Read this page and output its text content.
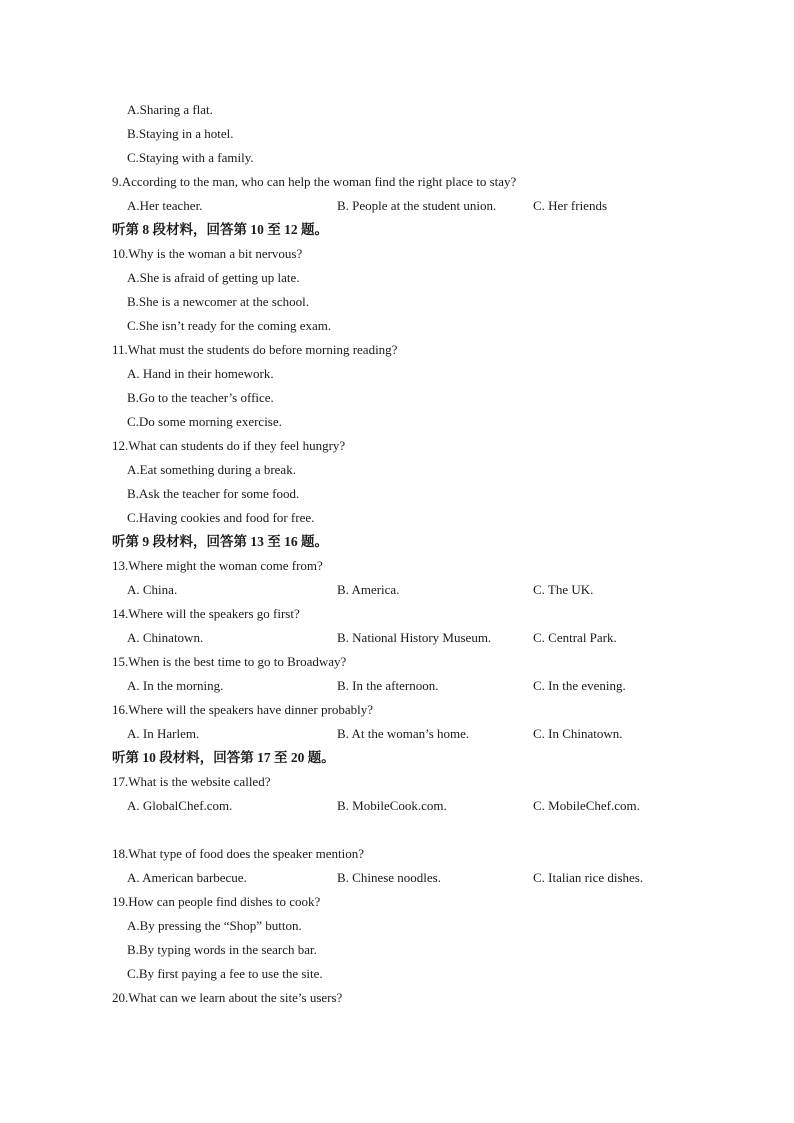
A.Sharing a flat.
B.Staying in a hotel.
C.Staying with a family.
9.According to the man, who can help the woman find the right place to stay?
A.Her teacher.	B. People at the student union.	C. Her friends
听第 8 段材料，回答第 10 至 12 题。
10.Why is the woman a bit nervous?
A.She is afraid of getting up late.
B.She is a newcomer at the school.
C.She isn’t ready for the coming exam.
11.What must the students do before morning reading?
A. Hand in their homework.
B.Go to the teacher’s office.
C.Do some morning exercise.
12.What can students do if they feel hungry?
A.Eat something during a break.
B.Ask the teacher for some food.
C.Having cookies and food for free.
听第 9 段材料，回答第 13 至 16 题。
13.Where might the woman come from?
A. China.	B. America.	C. The UK.
14.Where will the speakers go first?
A. Chinatown.	B. National History Museum.	C. Central Park.
15.When is the best time to go to Broadway?
A. In the morning.	B. In the afternoon.	C. In the evening.
16.Where will the speakers have dinner probably?
A. In Harlem.	B. At the woman’s home.	C. In Chinatown.
听第 10 段材料，回答第 17 至 20 题。
17.What is the website called?
A. GlobalChef.com.	B. MobileCook.com.	C. MobileChef.com.
18.What type of food does the speaker mention?
A. American barbecue.	B. Chinese noodles.	C. Italian rice dishes.
19.How can people find dishes to cook?
A.By pressing the “Shop” button.
B.By typing words in the search bar.
C.By first paying a fee to use the site.
20.What can we learn about the site’s users?
